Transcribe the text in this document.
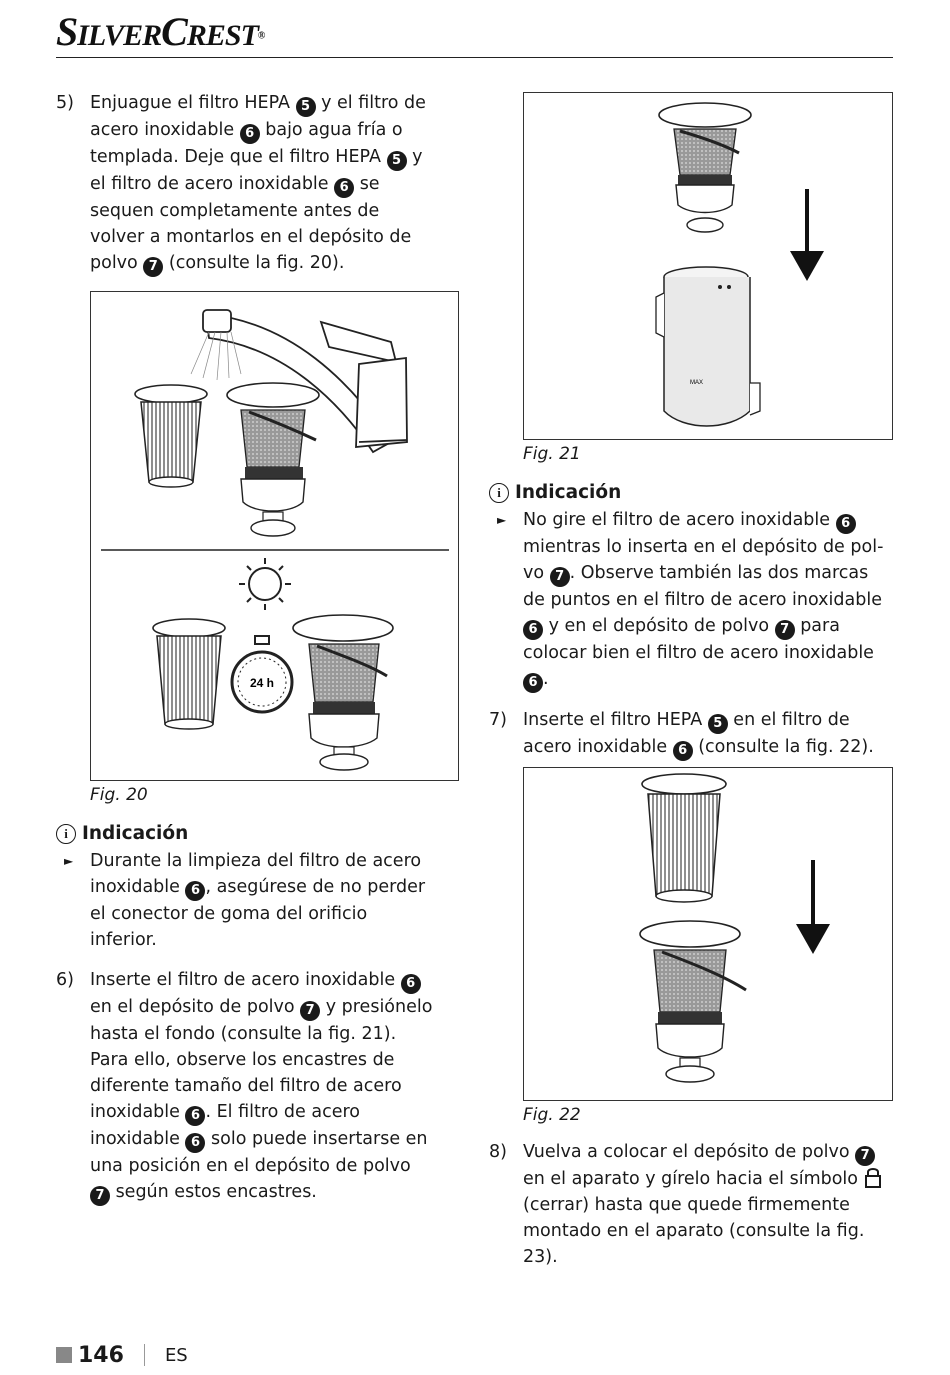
SILVERCREST®
5) Enjuague el filtro HEPA 5 y el filtro de acero inoxidable 6 bajo agua fría o templada. Deje que el filtro HEPA 5 y el filtro de acero inoxidable 6 se sequen completamente antes de volver a montarlos en el depósito de polvo 7 (consulte la fig. 20).
24 h
Fig. 20
i Indicación
► Durante la limpieza del filtro de acero inoxidable 6 , asegúrese de no perder el conector de goma del orificio inferior.
6) Inserte el filtro de acero inoxidable 6 en el depósito de polvo 7 y presiónelo hasta el fondo (consulte la fig. 21). Para ello, observe los encastres de diferente tamaño del filtro de acero inoxidable 6 . El filtro de acero inoxidable 6 solo puede insertarse en una posición en el depósito de polvo 7 según estos encastres.
MAX
Fig. 21
i Indicación
► No gire el filtro de acero inoxidable 6 mientras lo inserta en el depósito de polvo 7 . Observe también las dos marcas de puntos en el filtro de acero inoxidable 6 y en el depósito de polvo 7 para colocar bien el filtro de acero inoxidable 6 .
7) Inserte el filtro HEPA 5 en el filtro de acero inoxidable 6 (consulte la fig. 22).
Fig. 22
8) Vuelva a colocar el depósito de polvo 7 en el aparato y gírelo hacia el símbolo  (cerrar) hasta que quede firmemente montado en el aparato (consulte la fig. 23).
146 ES
